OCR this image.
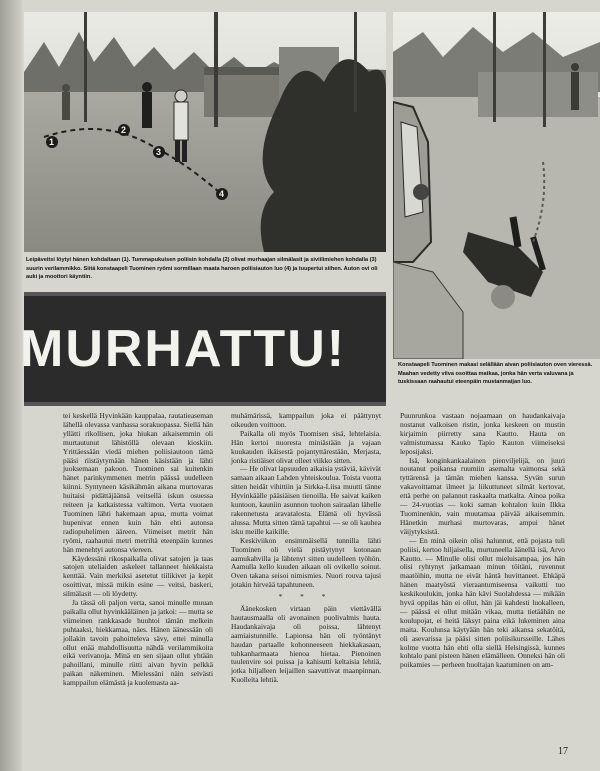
1
2
3
4

Leipäveitsi löytyi hänen kohdaltaan (1). Tummapukuisen poliisin kohdalla (2) olivat murhaajan silmälasit ja siviilimiehen kohdalla (3) suurin verilammikko. Siitä konstaapeli Tuominen ryömi sormillaan maata haroen poliisiauton luo (4) ja tuupertui siihen. Auton ovi oli auki ja moottori käyntiin.

Konstaapeli Tuominen makasi selällään aivan poliisiauton oven vieressä. Maahan vedetty viiva osoittaa matkaa, jonka hän verta valuvana ja tuskissaan raahautui eteenpäin mustanmaijan luo.

MURHATTU!

tei keskellä Hyvinkään kauppalaa, rautatieaseman lähellä olevassa vanhassa sorakuopassa. Siellä hän yllätti rikollisen, joka hiukan aikaisemmin oli murtautunut lähistöllä olevaan kioskiin. Yrittäessään viedä miehen poliisiautoon tämä pääsi riistäytymään hänen käsistään ja lähti juoksemaan pakoon. Tuominen sai kuitenkin hänet parinkymmenen metrin päässä uudelleen kiinni. Syntyneen käsikähmän aikana murtovaras huitaisi pidättäjäänsä veitsellä iskun osuessa reiteen ja katkaistessa valtimon. Verta vuotaen Tuominen lähti hakemaan apua, mutta voimat hupenivat ennen kuin hän ehti autonsa radiopuhelimen ääreen. Viimeiset metrit hän ryömi, raahautui metri metriltä eteenpäin kunnes hän menehtyi autonsa viereen.

Käydessäni rikospaikalla olivat satojen ja taas satojen uteliaiden askeleet tallanneet hiekkaista kenttää. Vain merkiksi asetetut tiilikivet ja kepit osoittivat, missä mikin esine — veitsi, baskeri, silmälasit — oli löydetty.

Ja tässä oli paljon verta, sanoi minulle muuan paikalla ollut hyvinkääläinen ja jatkoi: — mutta se viimeinen rankkasade huuhtoi tämän melkein puhtaaksi, hiekkamaa, näes. Hänen äänessään oli jollakin tavoin pahoitteleva sävy, ettei minulla ollut enää mahdollisuutta nähdä verilammikoita eikä verivanoja. Minä en sen sijaan ollut yhtään pahoillani, minulle riitti aivan hyvin pelkkä paikan näkeminen. Mielessäni näin selvästi kamppailun elämästä ja kuolemasta aa-

muhämärissä, kamppailun joka ei päättynyt oikeuden voittoon.

Paikalla oli myös Tuomisen sisä, lehtelaisia. Hän kertoi nuoresta miniästään ja vajaan kuukauden ikäisestä pojantyttärestään, Merjasta, jonka ristiäiset olivat olleet viikko sitten.

— He olivat lapsuuden aikaisia ystäviä, kävivät samaan aikaan Lahden yhteiskoulua. Toista vuotta sitten heidät vihittiin ja Sirkka-Liisa muutti tänne Hyvinkäälle pääsiäisen tienoilla. He saivat kaiken kuntoon, kauniin asunnon tuohon sairaalan lähelle rakennetusta aravatalosta. Elämä oli hyvässä alussa. Mutta sitten tämä tapahtui — se oli kauhea isku meille kaikille.

Keskiviikon ensimmäisellä tunnilla lähti Tuominen oli vielä pistäytynyt kotonaan aamukahvilla ja lähtenyt sitten uudelleen työhön. Aamulla kello kuuden aikaan oli ovikello soinut. Oven takana seisoi nimismies. Nuori rouva tajusi jotakin hirveää tapahtuneen.

* * *

Äänekosken virtaan päin viettävällä hautausmaalla oli avonainen puolivalmis hauta. Haudankaivaja oli poissa, lähtenyt aamiaistunnille. Lapionsa hän oli työntänyt haudan partaalle kohonneeseen hiekkakasaan, tuhkanharmaata hienoa hietaa. Pienoinen tuulenvire soi puissa ja kahisutti keltaisia lehtiä, jotka hiljalleen leijaillen saavuttivat maanpinnan. Kuolleita lehtiä.

Puunrunkoa vastaan nojaamaan on haudankaivaja nostanut valkoisen ristin, jonka keskeen on mustin kirjaimin piirretty sana Kautto. Hauta on valmistumassa Kauko Tapio Kauton viimeiseksi leposijaksi.

Isä, konginkankaalainen pienviljelijä, on juuri noutanut poikansa ruumiin asemalta vaimonsa sekä tyttärensä ja tämän miehen kanssa. Syvän surun vakavoittamat ilmeet ja liikuttuneet silmät kertovat, että perhe on palannut raskaalta matkalta. Ainoa poika — 24-vuotias — koki saman kohtalon kuin Ilkka Tuominenkin, vain muutamaa päivää aikaisemmin. Hänetkin murhasi murtovaras, ampui hänet väijytyksistä.

— En minä oikein olisi halunnut, että pojasta tuli poliisi, kertoo hiljaisella, murtuneella äänellä isä, Arvo Kautto. — Minulle olisi ollut mieluisampaa, jos hän olisi ryhtynyt jatkamaan minun töitäni, ruvennut maatöihin, mutta ne eivät häntä huvittaneet. Ehkäpä hänen maatyöstä vieraantumiseensa vaikutti tuo keskikoulukin, jonka hän kävi Suolahdessa — mikään hyvä oppilas hän ei ollut, hän jäi kahdesti luokalleen, — päässä ei ollut mitään vikaa, mutta tietäähän ne koulupojat, ei heitä läksyt paina eikä lukeminen aina maita. Koulunsa käytyään hän teki aikansa sekatöitä, oli asevarissa ja pääsi sitten poliisikursseille. Lähes kolme vuotta hän ehti olla siellä Helsingissä, kunnes kohtalo pani pisteen hänen elämälleen. Onneksi hän oli poikamies — perheen huoltajan kaatuminen on am-

17
